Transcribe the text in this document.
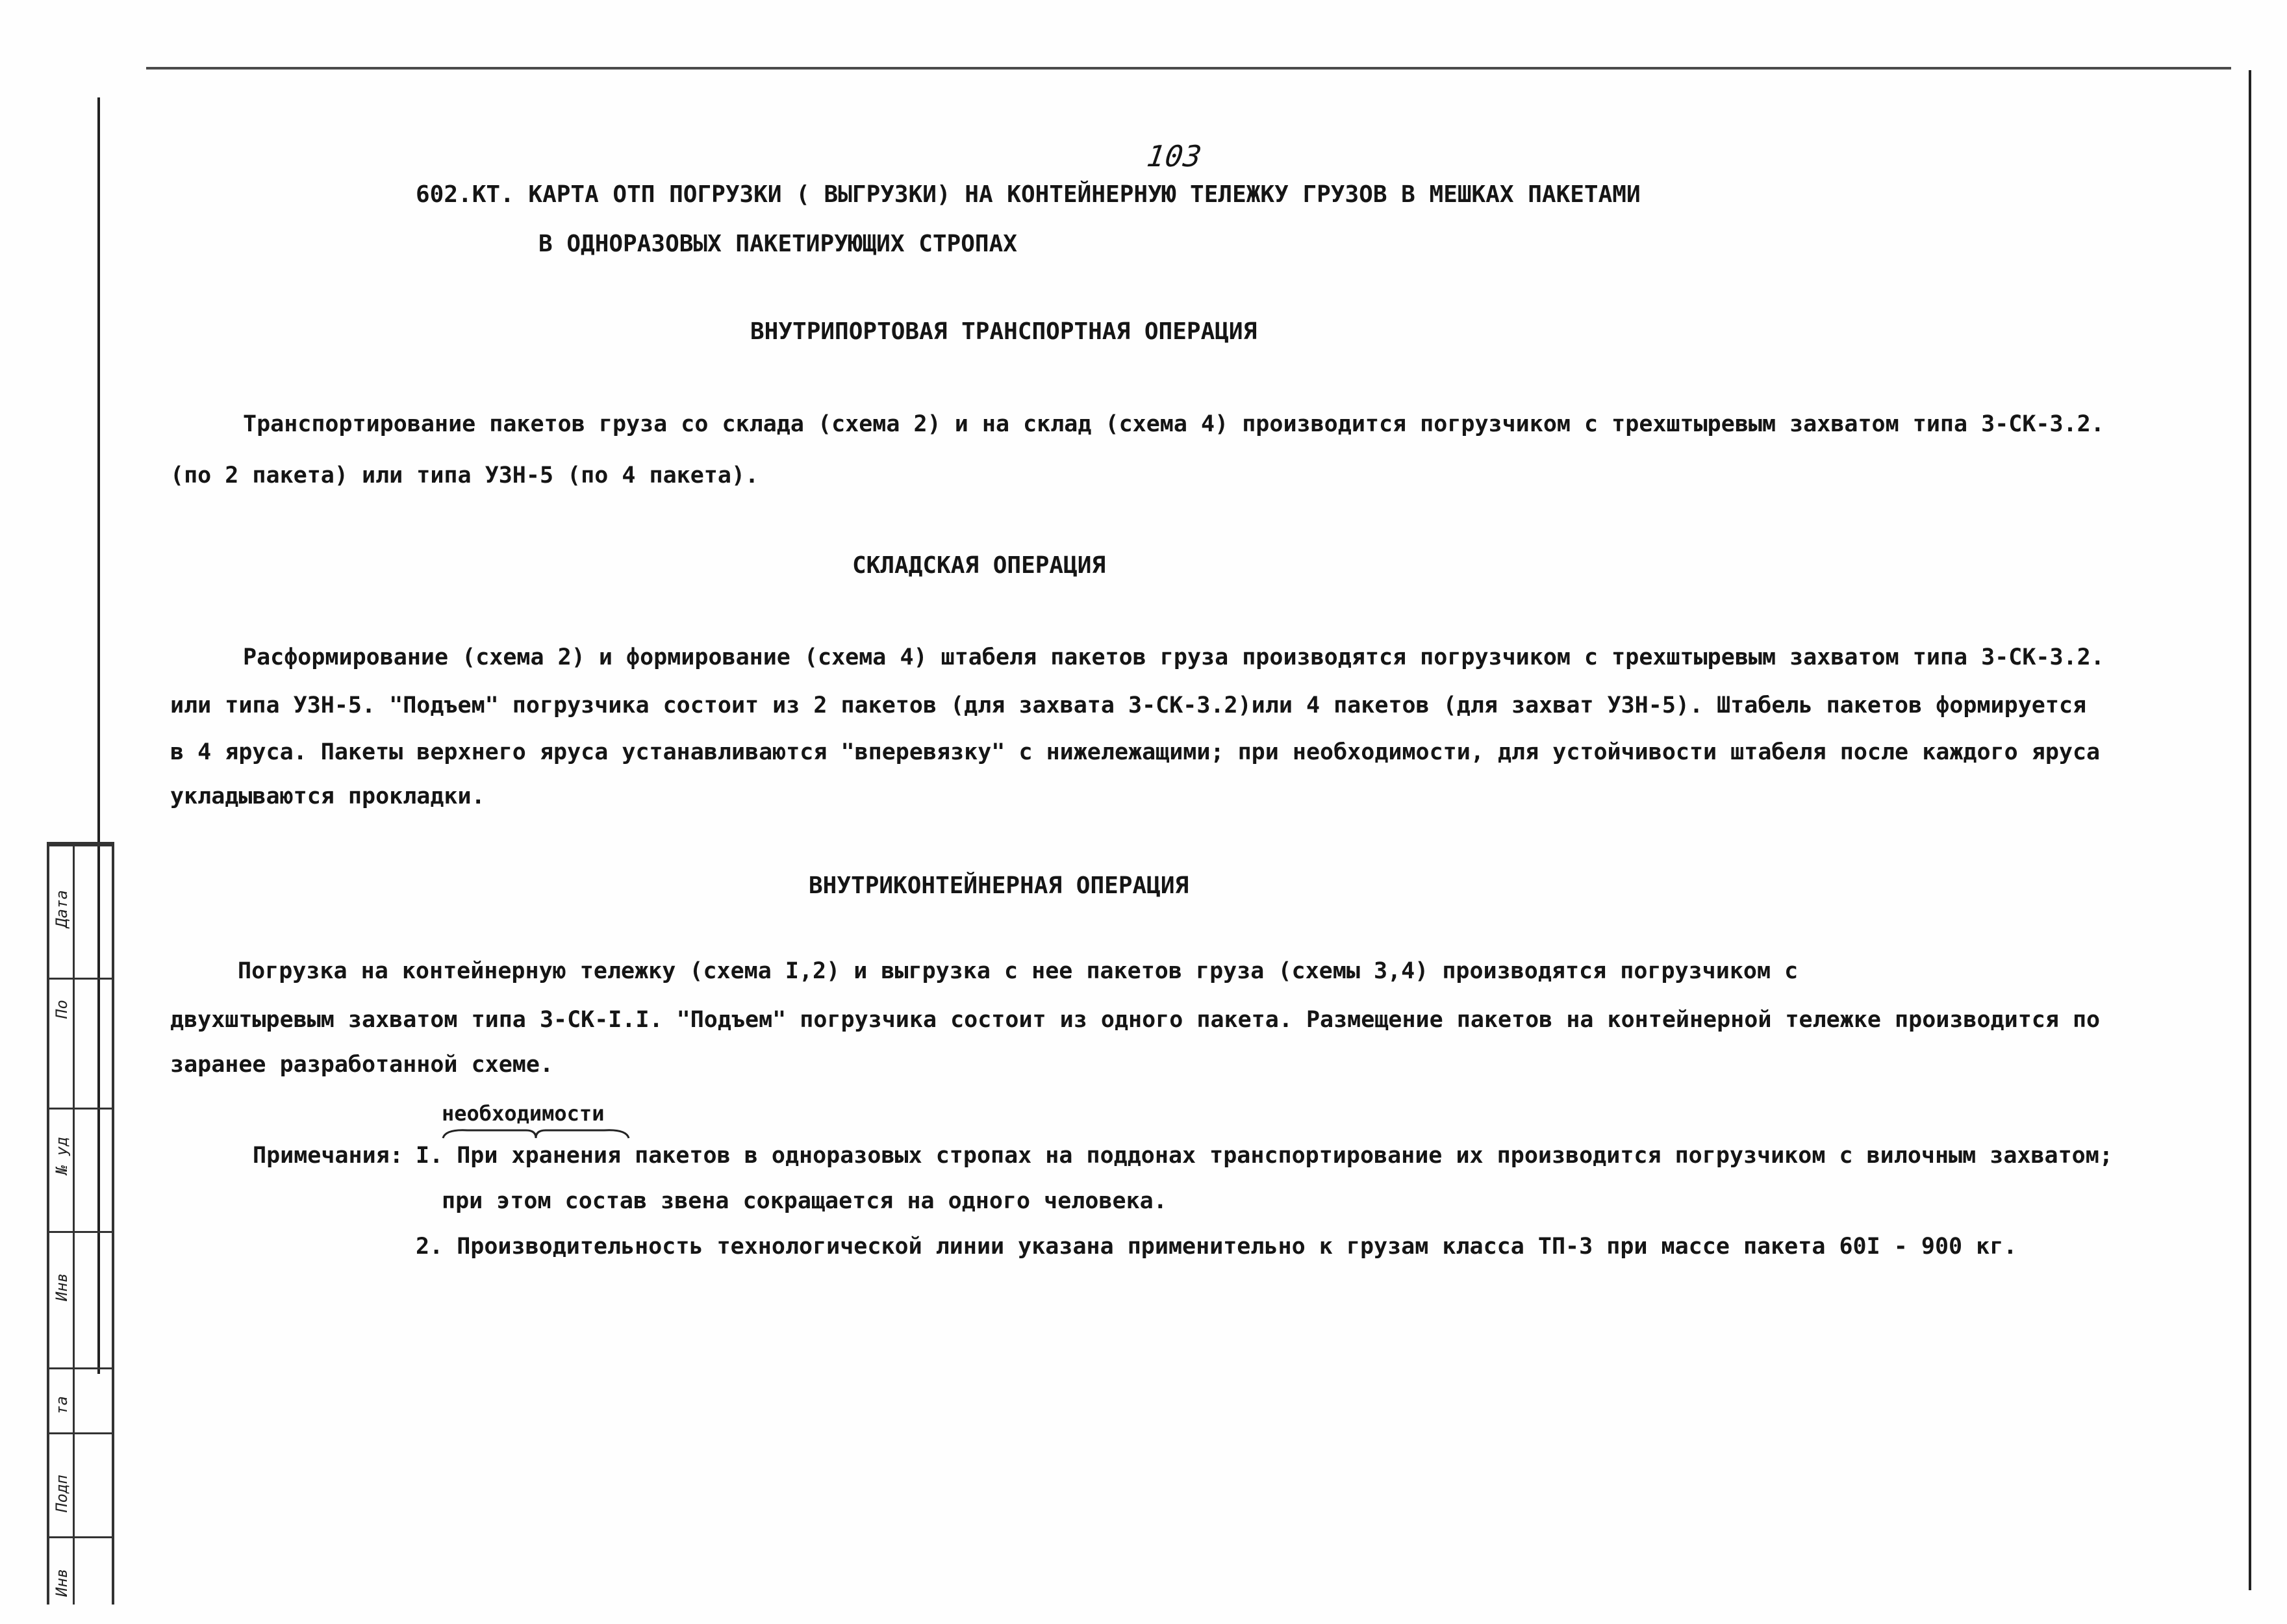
103
602.КТ. КАРТА ОТП ПОГРУЗКИ ( ВЫГРУЗКИ) НА КОНТЕЙНЕРНУЮ ТЕЛЕЖКУ ГРУЗОВ В МЕШКАХ ПАКЕТАМИ
В ОДНОРАЗОВЫХ ПАКЕТИРУЮЩИХ СТРОПАХ
ВНУТРИПОРТОВАЯ ТРАНСПОРТНАЯ ОПЕРАЦИЯ
Транспортирование пакетов груза со склада (схема 2) и на склад (схема 4) производится погрузчиком с трехштыревым захватом типа 3-СК-3.2.
(по 2 пакета) или типа УЗН-5 (по 4 пакета).
СКЛАДСКАЯ ОПЕРАЦИЯ
Расформирование (схема 2) и формирование (схема 4) штабеля пакетов груза производятся погрузчиком с трехштыревым захватом типа 3-СК-3.2.
или типа УЗН-5. "Подъем" погрузчика состоит из 2 пакетов (для захвата 3-СК-3.2)или 4 пакетов (для захват УЗН-5). Штабель пакетов формируется
в 4 яруса. Пакеты верхнего яруса устанавливаются "вперевязку" с нижележащими; при необходимости, для устойчивости штабеля после каждого яруса
укладываются прокладки.
ВНУТРИКОНТЕЙНЕРНАЯ ОПЕРАЦИЯ
Погрузка на контейнерную тележку (схема I,2) и выгрузка с нее пакетов груза (схемы 3,4) производятся погрузчиком с
двухштыревым захватом типа 3-СК-I.I. "Подъем" погрузчика состоит из одного пакета. Размещение пакетов на контейнерной тележке производится по
заранее разработанной схеме.
необходимости
Примечания: I. При хранения пакетов в одноразовых стропах на поддонах транспортирование их производится погрузчиком с вилочным захватом;
при этом состав звена сокращается на одного человека.
2. Производительность технологической линии указана применительно к грузам класса ТП-3 при массе пакета 60I - 900 кг.
Дата
По
№ уд
Инв
та
Подп
Инв
